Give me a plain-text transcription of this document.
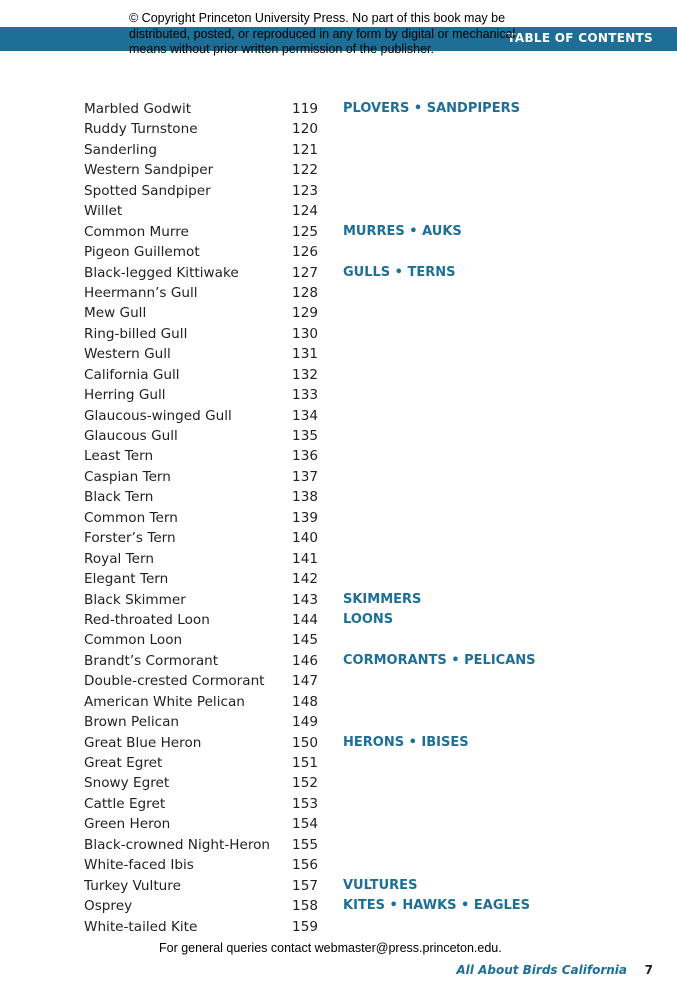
TABLE OF CONTENTS
© Copyright Princeton University Press. No part of this book may be distributed, posted, or reproduced in any form by digital or mechanical means without prior written permission of the publisher.
Marbled Godwit	119 PLOVERS • SANDPIPERS
Ruddy Turnstone	120
Sanderling	121
Western Sandpiper	122
Spotted Sandpiper	123
Willet	124
Common Murre	125 MURRES • AUKS
Pigeon Guillemot	126
Black-legged Kittiwake	127 GULLS • TERNS
Heermann’s Gull	128
Mew Gull	129
Ring-billed Gull	130
Western Gull	131
California Gull	132
Herring Gull	133
Glaucous-winged Gull	134
Glaucous Gull	135
Least Tern	136
Caspian Tern	137
Black Tern	138
Common Tern	139
Forster’s Tern	140
Royal Tern	141
Elegant Tern	142
Black Skimmer	143 SKIMMERS
Red-throated Loon	144 LOONS
Common Loon	145
Brandt’s Cormorant	146 CORMORANTS • PELICANS
Double-crested Cormorant	147
American White Pelican	148
Brown Pelican	149
Great Blue Heron	150 HERONS • IBISES
Great Egret	151
Snowy Egret	152
Cattle Egret	153
Green Heron	154
Black-crowned Night-Heron	155
White-faced Ibis	156
Turkey Vulture	157 VULTURES
Osprey	158 KITES • HAWKS • EAGLES
White-tailed Kite	159
For general queries contact webmaster@press.princeton.edu.
All About Birds California 7
